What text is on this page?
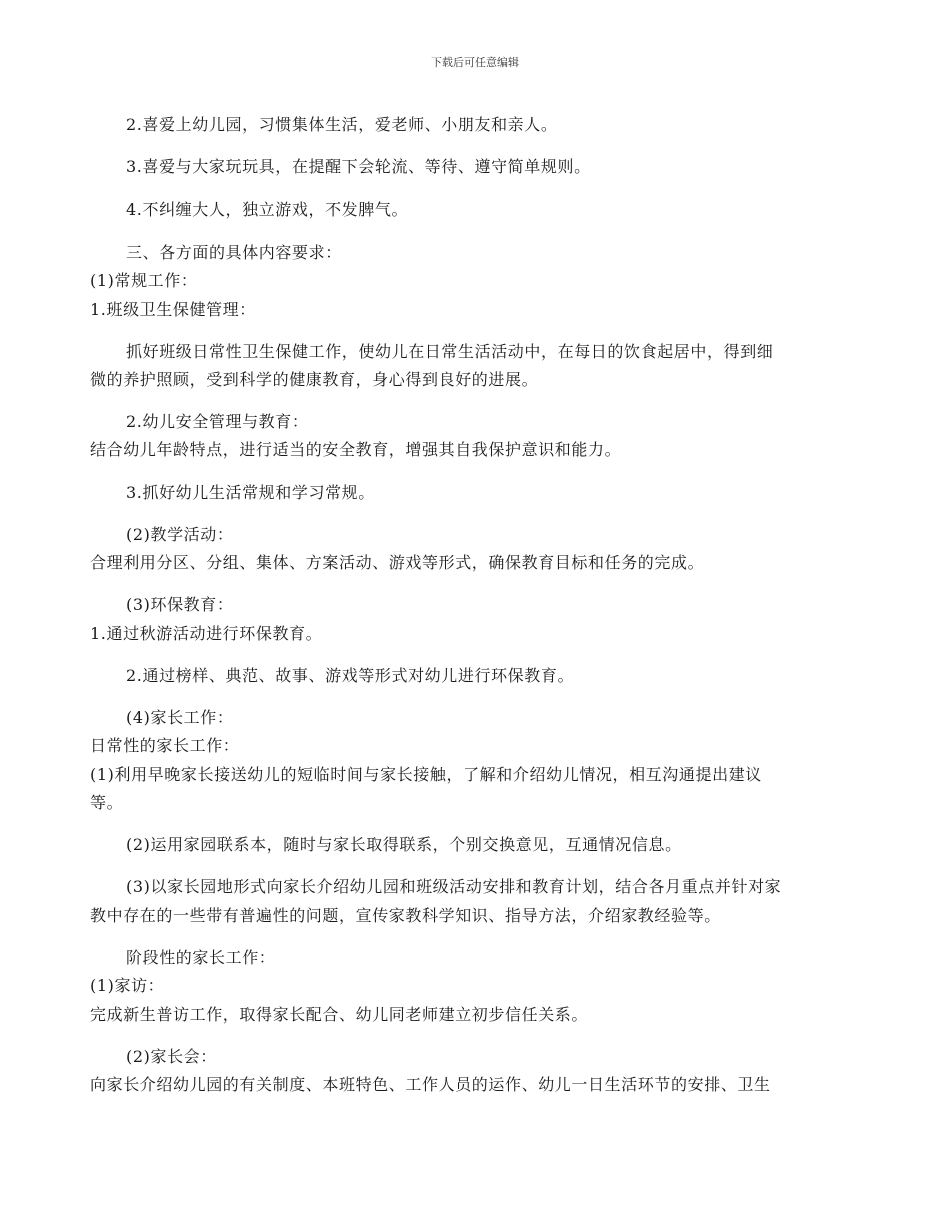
下载后可任意编辑
2.喜爱上幼儿园，习惯集体生活，爱老师、小朋友和亲人。
3.喜爱与大家玩玩具，在提醒下会轮流、等待、遵守简单规则。
4.不纠缠大人，独立游戏，不发脾气。
三、各方面的具体内容要求：
(1)常规工作：
1.班级卫生保健管理：
抓好班级日常性卫生保健工作，使幼儿在日常生活活动中，在每日的饮食起居中，得到细
微的养护照顾，受到科学的健康教育，身心得到良好的进展。
2.幼儿安全管理与教育：
结合幼儿年龄特点，进行适当的安全教育，增强其自我保护意识和能力。
3.抓好幼儿生活常规和学习常规。
(2)教学活动：
合理利用分区、分组、集体、方案活动、游戏等形式，确保教育目标和任务的完成。
(3)环保教育：
1.通过秋游活动进行环保教育。
2.通过榜样、典范、故事、游戏等形式对幼儿进行环保教育。
(4)家长工作：
日常性的家长工作：
(1)利用早晚家长接送幼儿的短临时间与家长接触，了解和介绍幼儿情况，相互沟通提出建议
等。
(2)运用家园联系本，随时与家长取得联系，个别交换意见，互通情况信息。
(3)以家长园地形式向家长介绍幼儿园和班级活动安排和教育计划，结合各月重点并针对家
教中存在的一些带有普遍性的问题，宣传家教科学知识、指导方法，介绍家教经验等。
阶段性的家长工作：
(1)家访：
完成新生普访工作，取得家长配合、幼儿同老师建立初步信任关系。
(2)家长会：
向家长介绍幼儿园的有关制度、本班特色、工作人员的运作、幼儿一日生活环节的安排、卫生
